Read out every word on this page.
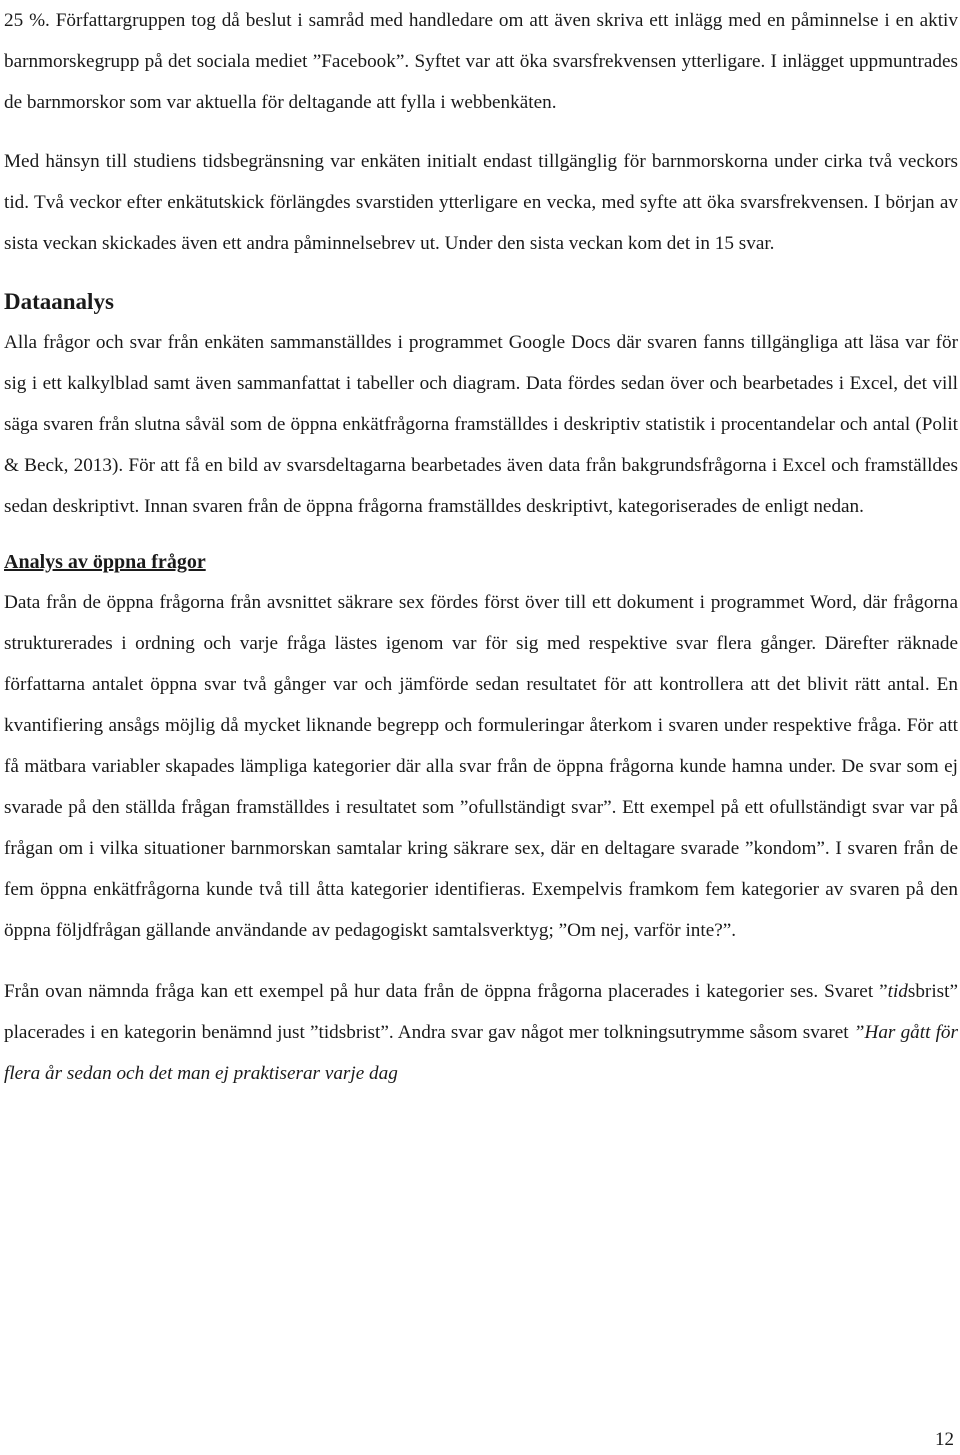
25 %. Författargruppen tog då beslut i samråd med handledare om att även skriva ett inlägg med en påminnelse i en aktiv barnmorskegrupp på det sociala mediet ”Facebook”. Syftet var att öka svarsfrekvensen ytterligare. I inlägget uppmuntrades de barnmorskor som var aktuella för deltagande att fylla i webbenkäten.

Med hänsyn till studiens tidsbegränsning var enkäten initialt endast tillgänglig för barnmorskorna under cirka två veckors tid. Två veckor efter enkätutskick förlängdes svarstiden ytterligare en vecka, med syfte att öka svarsfrekvensen. I början av sista veckan skickades även ett andra påminnelsebrev ut. Under den sista veckan kom det in 15 svar.

Dataanalys

Alla frågor och svar från enkäten sammanställdes i programmet Google Docs där svaren fanns tillgängliga att läsa var för sig i ett kalkylblad samt även sammanfattat i tabeller och diagram. Data fördes sedan över och bearbetades i Excel, det vill säga svaren från slutna såväl som de öppna enkätfrågorna framställdes i deskriptiv statistik i procentandelar och antal (Polit & Beck, 2013). För att få en bild av svarsdeltagarna bearbetades även data från bakgrundsfrågorna i Excel och framställdes sedan deskriptivt. Innan svaren från de öppna frågorna framställdes deskriptivt, kategoriserades de enligt nedan.

Analys av öppna frågor

Data från de öppna frågorna från avsnittet säkrare sex fördes först över till ett dokument i programmet Word, där frågorna strukturerades i ordning och varje fråga lästes igenom var för sig med respektive svar flera gånger. Därefter räknade författarna antalet öppna svar två gånger var och jämförde sedan resultatet för att kontrollera att det blivit rätt antal. En kvantifiering ansågs möjlig då mycket liknande begrepp och formuleringar återkom i svaren under respektive fråga. För att få mätbara variabler skapades lämpliga kategorier där alla svar från de öppna frågorna kunde hamna under. De svar som ej svarade på den ställda frågan framställdes i resultatet som ”ofullständigt svar”. Ett exempel på ett ofullständigt svar var på frågan om i vilka situationer barnmorskan samtalar kring säkrare sex, där en deltagare svarade ”kondom”. I svaren från de fem öppna enkätfrågorna kunde två till åtta kategorier identifieras. Exempelvis framkom fem kategorier av svaren på den öppna följdfrågan gällande användande av pedagogiskt samtalsverktyg; ”Om nej, varför inte?”.

Från ovan nämnda fråga kan ett exempel på hur data från de öppna frågorna placerades i kategorier ses. Svaret ”tidsbrist” placerades i en kategorin benämnd just ”tidsbrist”. Andra svar gav något mer tolkningsutrymme såsom svaret ”Har gått för flera år sedan och det man ej praktiserar varje dag

12
